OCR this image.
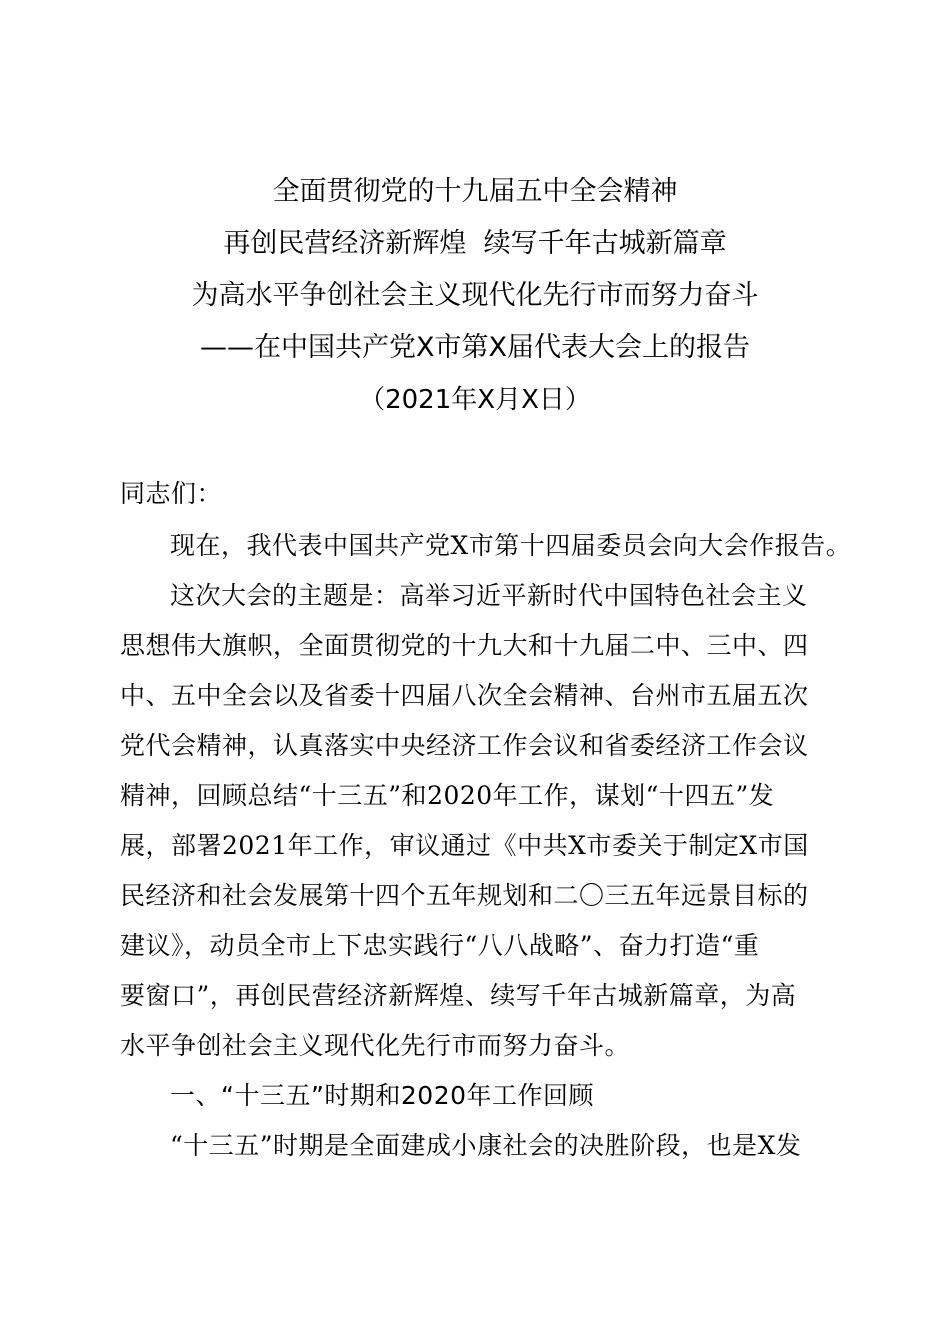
全面贯彻党的十九届五中全会精神
再创民营经济新辉煌  续写千年古城新篇章
为高水平争创社会主义现代化先行市而努力奋斗
——在中国共产党X市第X届代表大会上的报告
（2021年X月X日）
同志们：
现在，我代表中国共产党X市第十四届委员会向大会作报告。
这次大会的主题是：高举习近平新时代中国特色社会主义
思想伟大旗帜，全面贯彻党的十九大和十九届二中、三中、四
中、五中全会以及省委十四届八次全会精神、台州市五届五次
党代会精神，认真落实中央经济工作会议和省委经济工作会议
精神，回顾总结“十三五”和2020年工作，谋划“十四五”发
展，部署2021年工作，审议通过《中共X市委关于制定X市国
民经济和社会发展第十四个五年规划和二〇三五年远景目标的
建议》，动员全市上下忠实践行“八八战略”、奋力打造“重
要窗口”，再创民营经济新辉煌、续写千年古城新篇章，为高
水平争创社会主义现代化先行市而努力奋斗。
一、“十三五”时期和2020年工作回顾
“十三五”时期是全面建成小康社会的决胜阶段，也是X发
